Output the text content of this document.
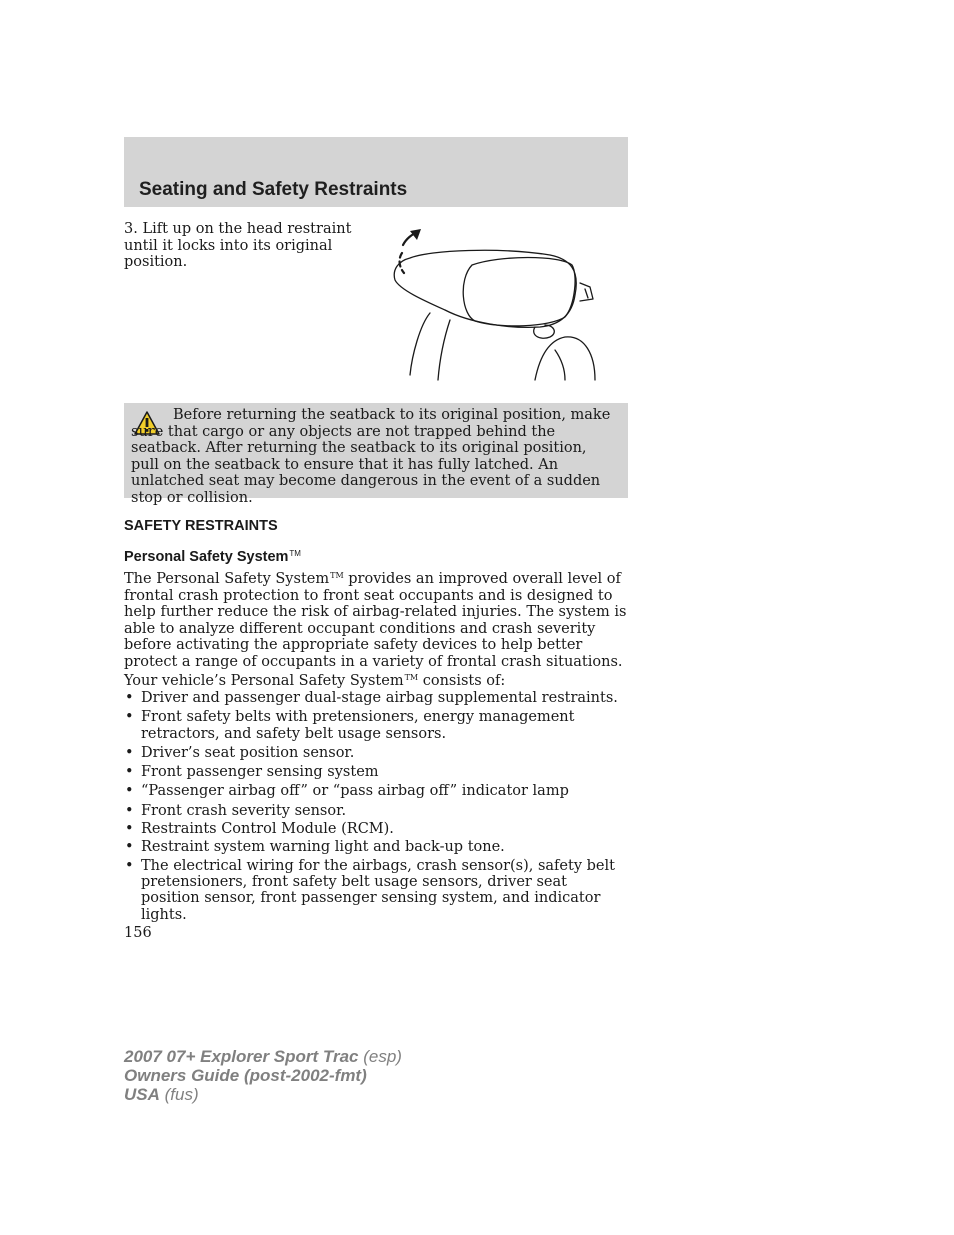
Seating and Safety Restraints
3. Lift up on the head restraint until it locks into its original position.
Before returning the seatback to its original position, make sure that cargo or any objects are not trapped behind the seatback. After returning the seatback to its original position, pull on the seatback to ensure that it has fully latched. An unlatched seat may become dangerous in the event of a sudden stop or collision.
SAFETY RESTRAINTS
Personal Safety System™
The Personal Safety System™ provides an improved overall level of frontal crash protection to front seat occupants and is designed to help further reduce the risk of airbag-related injuries. The system is able to analyze different occupant conditions and crash severity before activating the appropriate safety devices to help better protect a range of occupants in a variety of frontal crash situations.
Your vehicle’s Personal Safety System™ consists of:
• Driver and passenger dual-stage airbag supplemental restraints.
• Front safety belts with pretensioners, energy management retractors, and safety belt usage sensors.
• Driver’s seat position sensor.
• Front passenger sensing system
• “Passenger airbag off” or “pass airbag off” indicator lamp
• Front crash severity sensor.
• Restraints Control Module (RCM).
• Restraint system warning light and back-up tone.
• The electrical wiring for the airbags, crash sensor(s), safety belt pretensioners, front safety belt usage sensors, driver seat position sensor, front passenger sensing system, and indicator lights.
156
2007 07+ Explorer Sport Trac (esp)
Owners Guide (post-2002-fmt)
USA (fus)
